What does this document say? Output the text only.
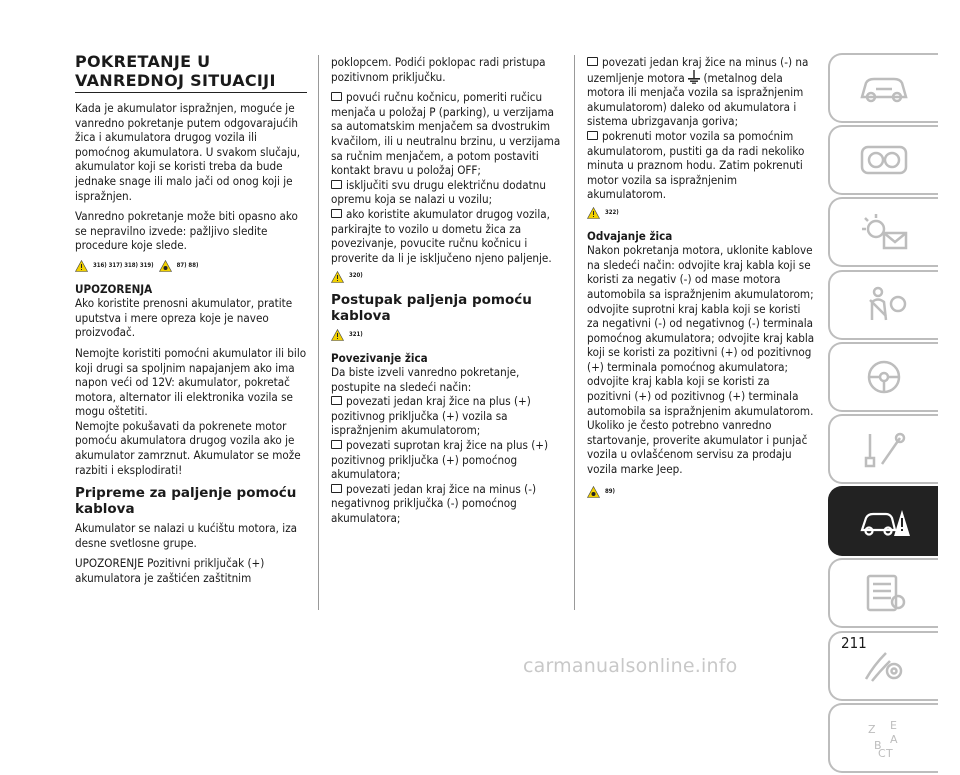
POKRETANJE U
VANREDNOJ SITUACIJI

Kada je akumulator ispražnjen, moguće je vanredno pokretanje putem odgovarajućih žica i akumulatora drugog vozila ili pomoćnog akumulatora. U svakom slučaju, akumulator koji se koristi treba da bude jednake snage ili malo jači od onog koji je ispražnjen.

Vanredno pokretanje može biti opasno ako se nepravilno izvede: pažljivo sledite procedure koje slede.

316) 317) 318) 319)	87) 88)
UPOZORENJA

Ako koristite prenosni akumulator, pratite uputstva i mere opreza koje je naveo proizvođač.

Nemojte koristiti pomoćni akumulator ili bilo koji drugi sa spoljnim napajanjem ako ima napon veći od 12V: akumulator, pokretač motora, alternator ili elektronika vozila se mogu oštetiti.

Nemojte pokušavati da pokrenete motor pomoću akumulatora drugog vozila ako je akumulator zamrznut. Akumulator se može razbiti i eksplodirati!

Pripreme za paljenje pomoću kablova

Akumulator se nalazi u kućištu motora, iza desne svetlosne grupe.

UPOZORENJE Pozitivni priključak (+) akumulatora je zaštićen zaštitnim

poklopcem. Podići poklopac radi pristupa pozitivnom priključku.

povući ručnu kočnicu, pomeriti ručicu menjača u položaj P (parking), u verzijama sa automatskim menjačem sa dvostrukim kvačilom, ili u neutralnu brzinu, u verzijama sa ručnim menjačem, a potom postaviti kontakt bravu u položaj OFF;
isključiti svu drugu električnu dodatnu opremu koja se nalazi u vozilu;
ako koristite akumulator drugog vozila, parkirajte to vozilo u dometu žica za povezivanje, povucite ručnu kočnicu i proverite da li je isključeno njeno paljenje.
320)
Postupak paljenja pomoću kablova
321)
Povezivanje žica

Da biste izveli vanredno pokretanje, postupite na sledeći način:

povezati jedan kraj žice na plus (+) pozitivnog priključka (+) vozila sa ispražnjenim akumulatorom;
povezati suprotan kraj žice na plus (+) pozitivnog priključka (+) pomoćnog akumulatora;
povezati jedan kraj žice na minus (-) negativnog priključka (-) pomoćnog akumulatora;
povezati jedan kraj žice na minus (-) na uzemljenje motora (metalnog dela motora ili menjača vozila sa ispražnjenim akumulatorom) daleko od akumulatora i sistema ubrizgavanja goriva;
pokrenuti motor vozila sa pomoćnim akumulatorom, pustiti ga da radi nekoliko minuta u praznom hodu. Zatim pokrenuti motor vozila sa ispražnjenim akumulatorom.
322)
Odvajanje žica

Nakon pokretanja motora, uklonite kablove na sledeći način: odvojite kraj kabla koji se koristi za negativ (-) od mase motora automobila sa ispražnjenim akumulatorom; odvojite suprotni kraj kabla koji se koristi za negativni (-) od negativnog (-) terminala pomoćnog akumulatora; odvojite kraj kabla koji se koristi za pozitivni (+) od pozitivnog (+) terminala pomoćnog akumulatora; odvojite kraj kabla koji se koristi za pozitivni (+) od pozitivnog (+) terminala automobila sa ispražnjenim akumulatorom. Ukoliko je često potrebno vanredno startovanje, proverite akumulator i punjač vozila u ovlašćenom servisu za prodaju vozila marke Jeep.

89)
Z E
B A
T
C
211
carmanualsonline.info
